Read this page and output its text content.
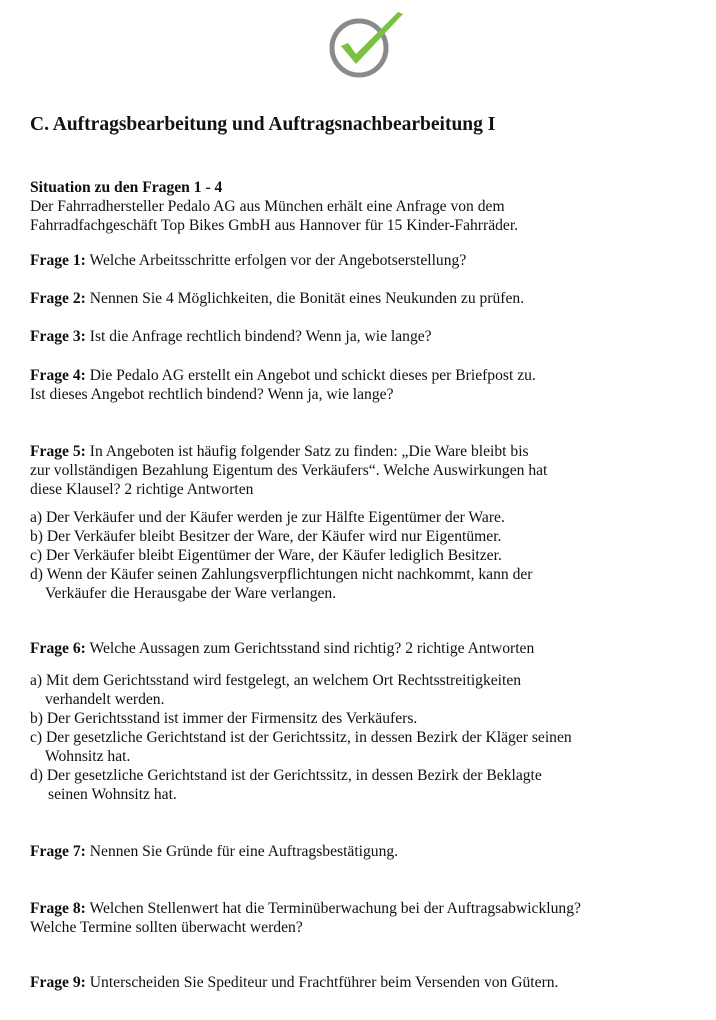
C. Auftragsbearbeitung und Auftragsnachbearbeitung I
Situation zu den Fragen 1 - 4
Der Fahrradhersteller Pedalo AG aus München erhält eine Anfrage von dem
Fahrradfachgeschäft Top Bikes GmbH aus Hannover für 15 Kinder-Fahrräder.
Frage 1: Welche Arbeitsschritte erfolgen vor der Angebotserstellung?
Frage 2: Nennen Sie 4 Möglichkeiten, die Bonität eines Neukunden zu prüfen.
Frage 3: Ist die Anfrage rechtlich bindend? Wenn ja, wie lange?
Frage 4: Die Pedalo AG erstellt ein Angebot und schickt dieses per Briefpost zu.
Ist dieses Angebot rechtlich bindend? Wenn ja, wie lange?
Frage 5: In Angeboten ist häufig folgender Satz zu finden: „Die Ware bleibt bis
zur vollständigen Bezahlung Eigentum des Verkäufers“. Welche Auswirkungen hat
diese Klausel? 2 richtige Antworten
a) Der Verkäufer und der Käufer werden je zur Hälfte Eigentümer der Ware.
b) Der Verkäufer bleibt Besitzer der Ware, der Käufer wird nur Eigentümer.
c) Der Verkäufer bleibt Eigentümer der Ware, der Käufer lediglich Besitzer.
d) Wenn der Käufer seinen Zahlungsverpflichtungen nicht nachkommt, kann der
Verkäufer die Herausgabe der Ware verlangen.
Frage 6: Welche Aussagen zum Gerichtsstand sind richtig? 2 richtige Antworten
a) Mit dem Gerichtsstand wird festgelegt, an welchem Ort Rechtsstreitigkeiten
verhandelt werden.
b) Der Gerichtsstand ist immer der Firmensitz des Verkäufers.
c) Der gesetzliche Gerichtstand ist der Gerichtssitz, in dessen Bezirk der Kläger seinen
Wohnsitz hat.
d) Der gesetzliche Gerichtstand ist der Gerichtssitz, in dessen Bezirk der Beklagte
seinen Wohnsitz hat.
Frage 7: Nennen Sie Gründe für eine Auftragsbestätigung.
Frage 8: Welchen Stellenwert hat die Terminüberwachung bei der Auftragsabwicklung?
Welche Termine sollten überwacht werden?
Frage 9: Unterscheiden Sie Spediteur und Frachtführer beim Versenden von Gütern.
